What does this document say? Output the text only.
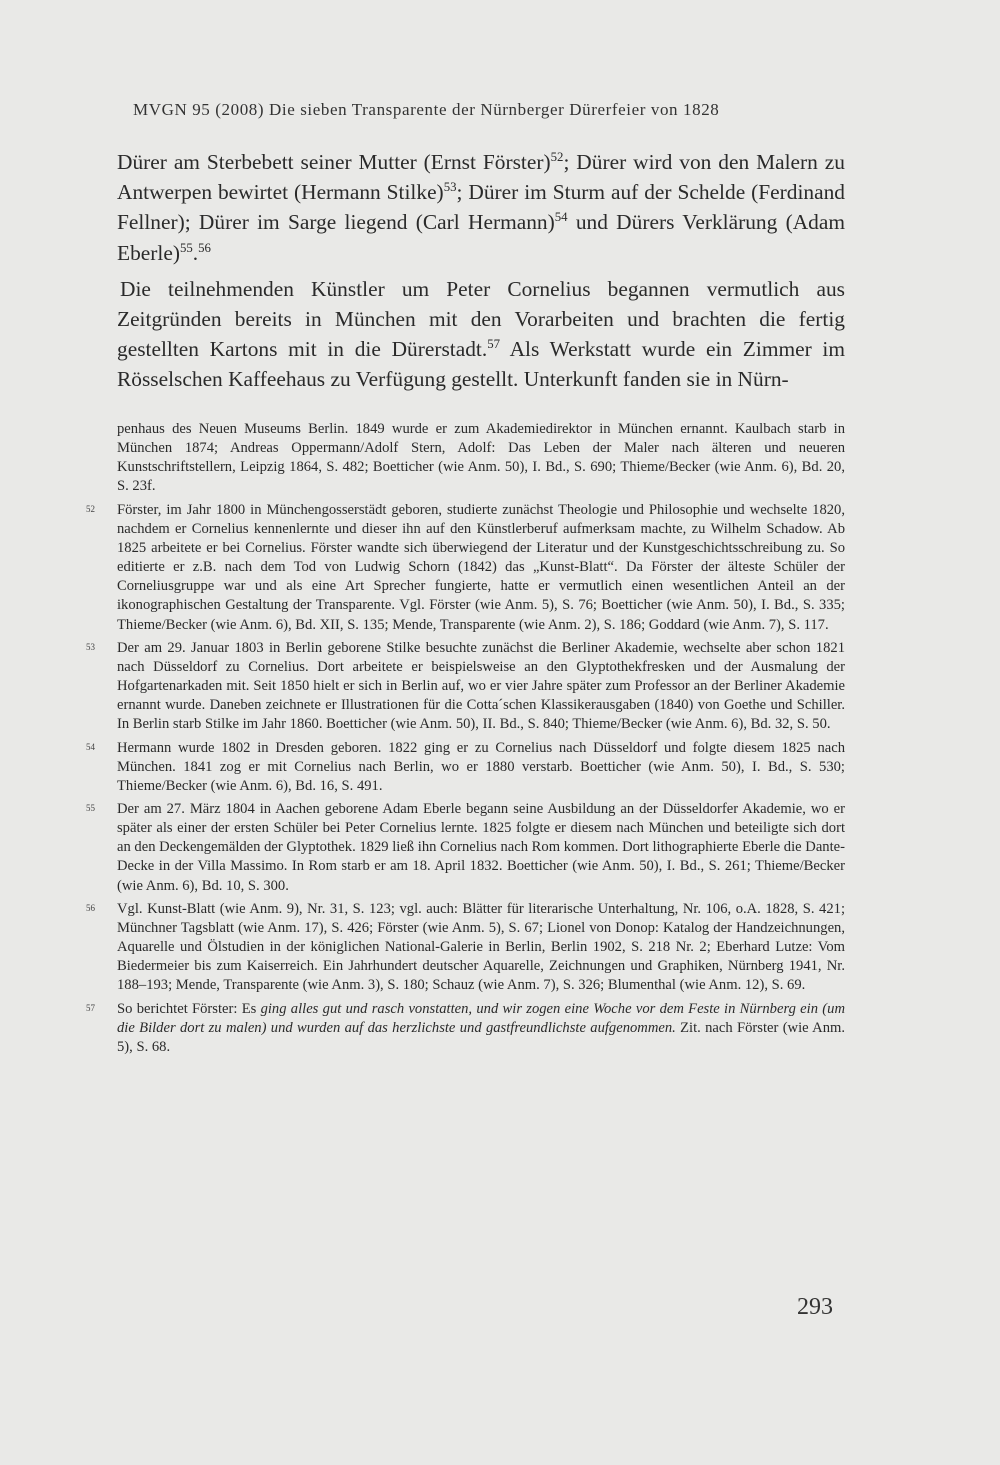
MVGN 95 (2008) Die sieben Transparente der Nürnberger Dürerfeier von 1828

Dürer am Sterbebett seiner Mutter (Ernst Förster)$^{52}$; Dürer wird von den Malern zu Antwerpen bewirtet (Hermann Stilke)$^{53}$; Dürer im Sturm auf der Schelde (Ferdinand Fellner); Dürer im Sarge liegend (Carl Hermann)$^{54}$ und Dürers Verklärung (Adam Eberle)$^{55}$.$^{56}$

Die teilnehmenden Künstler um Peter Cornelius begannen vermutlich aus Zeitgründen bereits in München mit den Vorarbeiten und brachten die fertig gestellten Kartons mit in die Dürerstadt.$^{57}$ Als Werkstatt wurde ein Zimmer im Rösselschen Kaffeehaus zu Verfügung gestellt. Unterkunft fanden sie in Nürn-

penhaus des Neuen Museums Berlin. 1849 wurde er zum Akademiedirektor in München ernannt. Kaulbach starb in München 1874; Andreas Oppermann/Adolf Stern, Adolf: Das Leben der Maler nach älteren und neueren Kunstschriftstellern, Leipzig 1864, S. 482; Boetticher (wie Anm. 50), I. Bd., S. 690; Thieme/Becker (wie Anm. 6), Bd. 20, S. 23f.
52	Förster, im Jahr 1800 in Münchengosserstädt geboren, studierte zunächst Theologie und Philosophie und wechselte 1820, nachdem er Cornelius kennenlernte und dieser ihn auf den Künstlerberuf aufmerksam machte, zu Wilhelm Schadow. Ab 1825 arbeitete er bei Cornelius. Förster wandte sich überwiegend der Literatur und der Kunstgeschichtsschreibung zu. So editierte er z.B. nach dem Tod von Ludwig Schorn (1842) das „Kunst-Blatt“. Da Förster der älteste Schüler der Corneliusgruppe war und als eine Art Sprecher fungierte, hatte er vermutlich einen wesentlichen Anteil an der ikonographischen Gestaltung der Transparente. Vgl. Förster (wie Anm. 5), S. 76; Boetticher (wie Anm. 50), I. Bd., S. 335; Thieme/Becker (wie Anm. 6), Bd. XII, S. 135; Mende, Transparente (wie Anm. 2), S. 186; Goddard (wie Anm. 7), S. 117.
53	Der am 29. Januar 1803 in Berlin geborene Stilke besuchte zunächst die Berliner Akademie, wechselte aber schon 1821 nach Düsseldorf zu Cornelius. Dort arbeitete er beispielsweise an den Glyptothekfresken und der Ausmalung der Hofgartenarkaden mit. Seit 1850 hielt er sich in Berlin auf, wo er vier Jahre später zum Professor an der Berliner Akademie ernannt wurde. Daneben zeichnete er Illustrationen für die Cotta´schen Klassikerausgaben (1840) von Goethe und Schiller. In Berlin starb Stilke im Jahr 1860. Boetticher (wie Anm. 50), II. Bd., S. 840; Thieme/Becker (wie Anm. 6), Bd. 32, S. 50.
54	Hermann wurde 1802 in Dresden geboren. 1822 ging er zu Cornelius nach Düsseldorf und folgte diesem 1825 nach München. 1841 zog er mit Cornelius nach Berlin, wo er 1880 verstarb. Boetticher (wie Anm. 50), I. Bd., S. 530; Thieme/Becker (wie Anm. 6), Bd. 16, S. 491.
55	Der am 27. März 1804 in Aachen geborene Adam Eberle begann seine Ausbildung an der Düsseldorfer Akademie, wo er später als einer der ersten Schüler bei Peter Cornelius lernte. 1825 folgte er diesem nach München und beteiligte sich dort an den Deckengemälden der Glyptothek. 1829 ließ ihn Cornelius nach Rom kommen. Dort lithographierte Eberle die Dante-Decke in der Villa Massimo. In Rom starb er am 18. April 1832. Boetticher (wie Anm. 50), I. Bd., S. 261; Thieme/Becker (wie Anm. 6), Bd. 10, S. 300.
56	Vgl. Kunst-Blatt (wie Anm. 9), Nr. 31, S. 123; vgl. auch: Blätter für literarische Unterhaltung, Nr. 106, o.A. 1828, S. 421; Münchner Tagsblatt (wie Anm. 17), S. 426; Förster (wie Anm. 5), S. 67; Lionel von Donop: Katalog der Handzeichnungen, Aquarelle und Ölstudien in der königlichen National-Galerie in Berlin, Berlin 1902, S. 218 Nr. 2; Eberhard Lutze: Vom Biedermeier bis zum Kaiserreich. Ein Jahrhundert deutscher Aquarelle, Zeichnungen und Graphiken, Nürnberg 1941, Nr. 188–193; Mende, Transparente (wie Anm. 3), S. 180; Schauz (wie Anm. 7), S. 326; Blumenthal (wie Anm. 12), S. 69.
57	So berichtet Förster: Es ging alles gut und rasch vonstatten, und wir zogen eine Woche vor dem Feste in Nürnberg ein (um die Bilder dort zu malen) und wurden auf das herzlichste und gastfreundlichste aufgenommen. Zit. nach Förster (wie Anm. 5), S. 68.
293
